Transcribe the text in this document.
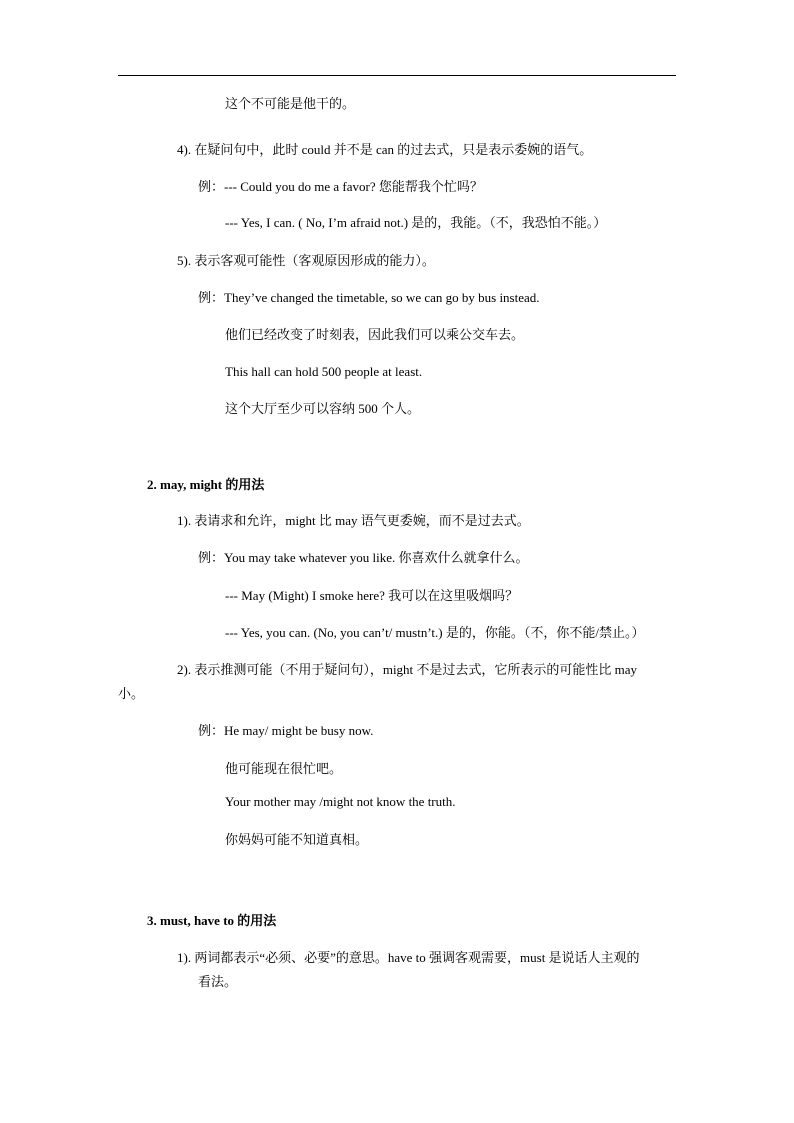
这个不可能是他干的。
4). 在疑问句中，此时 could 并不是 can 的过去式，只是表示委婉的语气。
例：--- Could you do me a favor? 您能帮我个忙吗？
--- Yes, I can. ( No, I’m afraid not.) 是的，我能。（不，我恐怕不能。）
5). 表示客观可能性（客观原因形成的能力）。
例：They’ve changed the timetable, so we can go by bus instead.
他们已经改变了时刻表，因此我们可以乘公交车去。
This hall can hold 500 people at least.
这个大厅至少可以容纳 500 个人。
2. may, might 的用法
1). 表请求和允许，might 比 may 语气更委婉，而不是过去式。
例：You may take whatever you like. 你喜欢什么就拿什么。
--- May (Might) I smoke here? 我可以在这里吸烟吗？
--- Yes, you can. (No, you can’t/ mustn’t.) 是的，你能。（不，你不能/禁止。）
2). 表示推测可能（不用于疑问句），might 不是过去式，它所表示的可能性比 may
小。
例：He may/ might be busy now.
他可能现在很忙吧。
Your mother may /might not know the truth.
你妈妈可能不知道真相。
3. must, have to 的用法
1). 两词都表示“必须、必要”的意思。have to 强调客观需要，must 是说话人主观的
看法。
